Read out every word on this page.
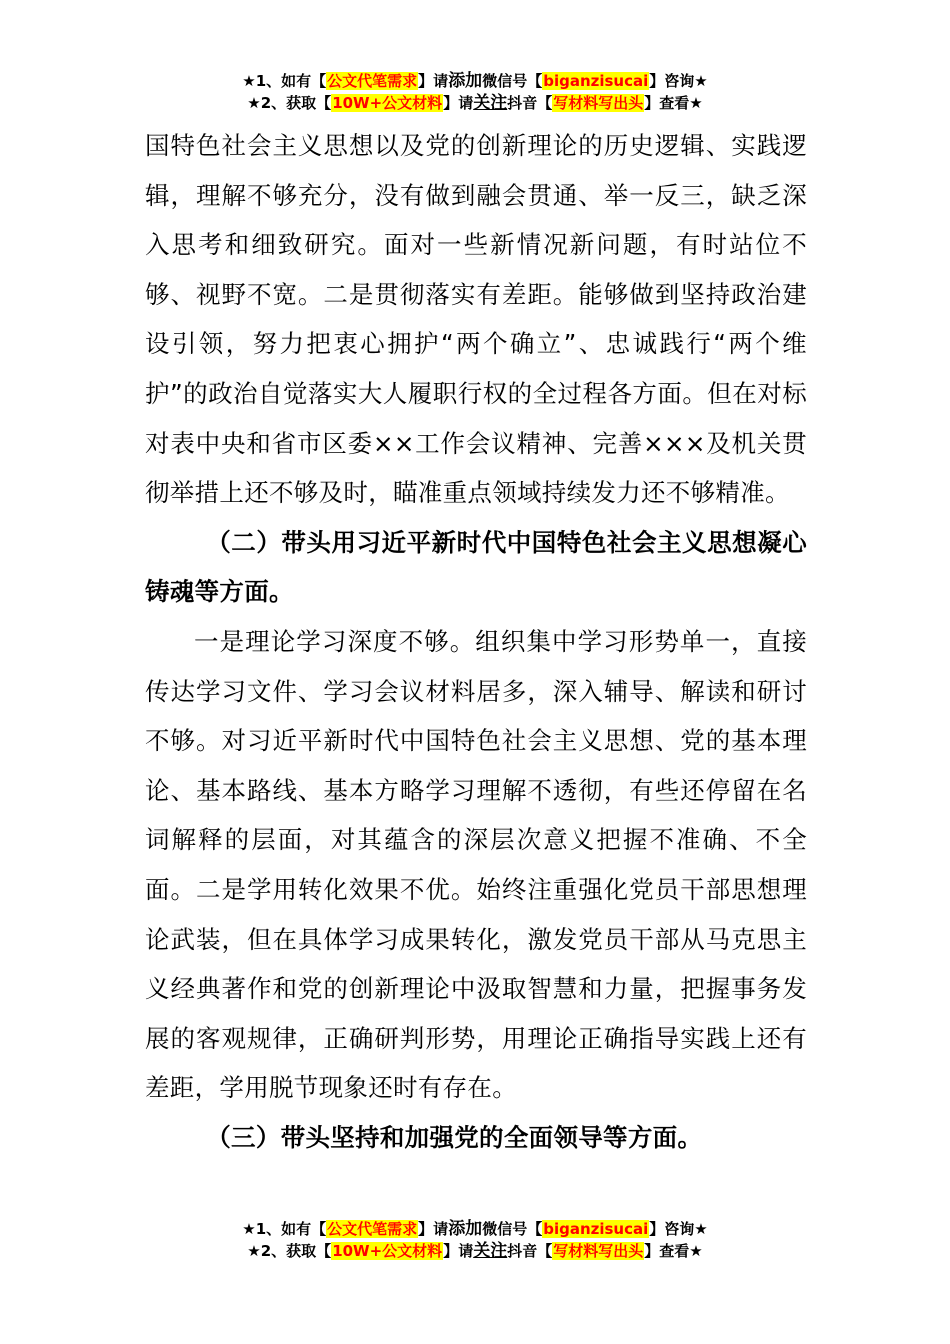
★1、如有【公文代笔需求】请添加微信号【biganzisucai】咨询★
★2、获取【10W+公文材料】请关注抖音【写材料写出头】查看★

国特色社会主义思想以及党的创新理论的历史逻辑、实践逻辑，理解不够充分，没有做到融会贯通、举一反三，缺乏深入思考和细致研究。面对一些新情况新问题，有时站位不够、视野不宽。二是贯彻落实有差距。能够做到坚持政治建设引领，努力把衷心拥护“两个确立”、忠诚践行“两个维护”的政治自觉落实大人履职行权的全过程各方面。但在对标对表中央和省市区委××工作会议精神、完善×××及机关贯彻举措上还不够及时，瞄准重点领域持续发力还不够精准。

（二）带头用习近平新时代中国特色社会主义思想凝心铸魂等方面。

一是理论学习深度不够。组织集中学习形势单一，直接传达学习文件、学习会议材料居多，深入辅导、解读和研讨不够。对习近平新时代中国特色社会主义思想、党的基本理论、基本路线、基本方略学习理解不透彻，有些还停留在名词解释的层面，对其蕴含的深层次意义把握不准确、不全面。二是学用转化效果不优。始终注重强化党员干部思想理论武装，但在具体学习成果转化，激发党员干部从马克思主义经典著作和党的创新理论中汲取智慧和力量，把握事务发展的客观规律，正确研判形势，用理论正确指导实践上还有差距，学用脱节现象还时有存在。

（三）带头坚持和加强党的全面领导等方面。

★1、如有【公文代笔需求】请添加微信号【biganzisucai】咨询★
★2、获取【10W+公文材料】请关注抖音【写材料写出头】查看★
